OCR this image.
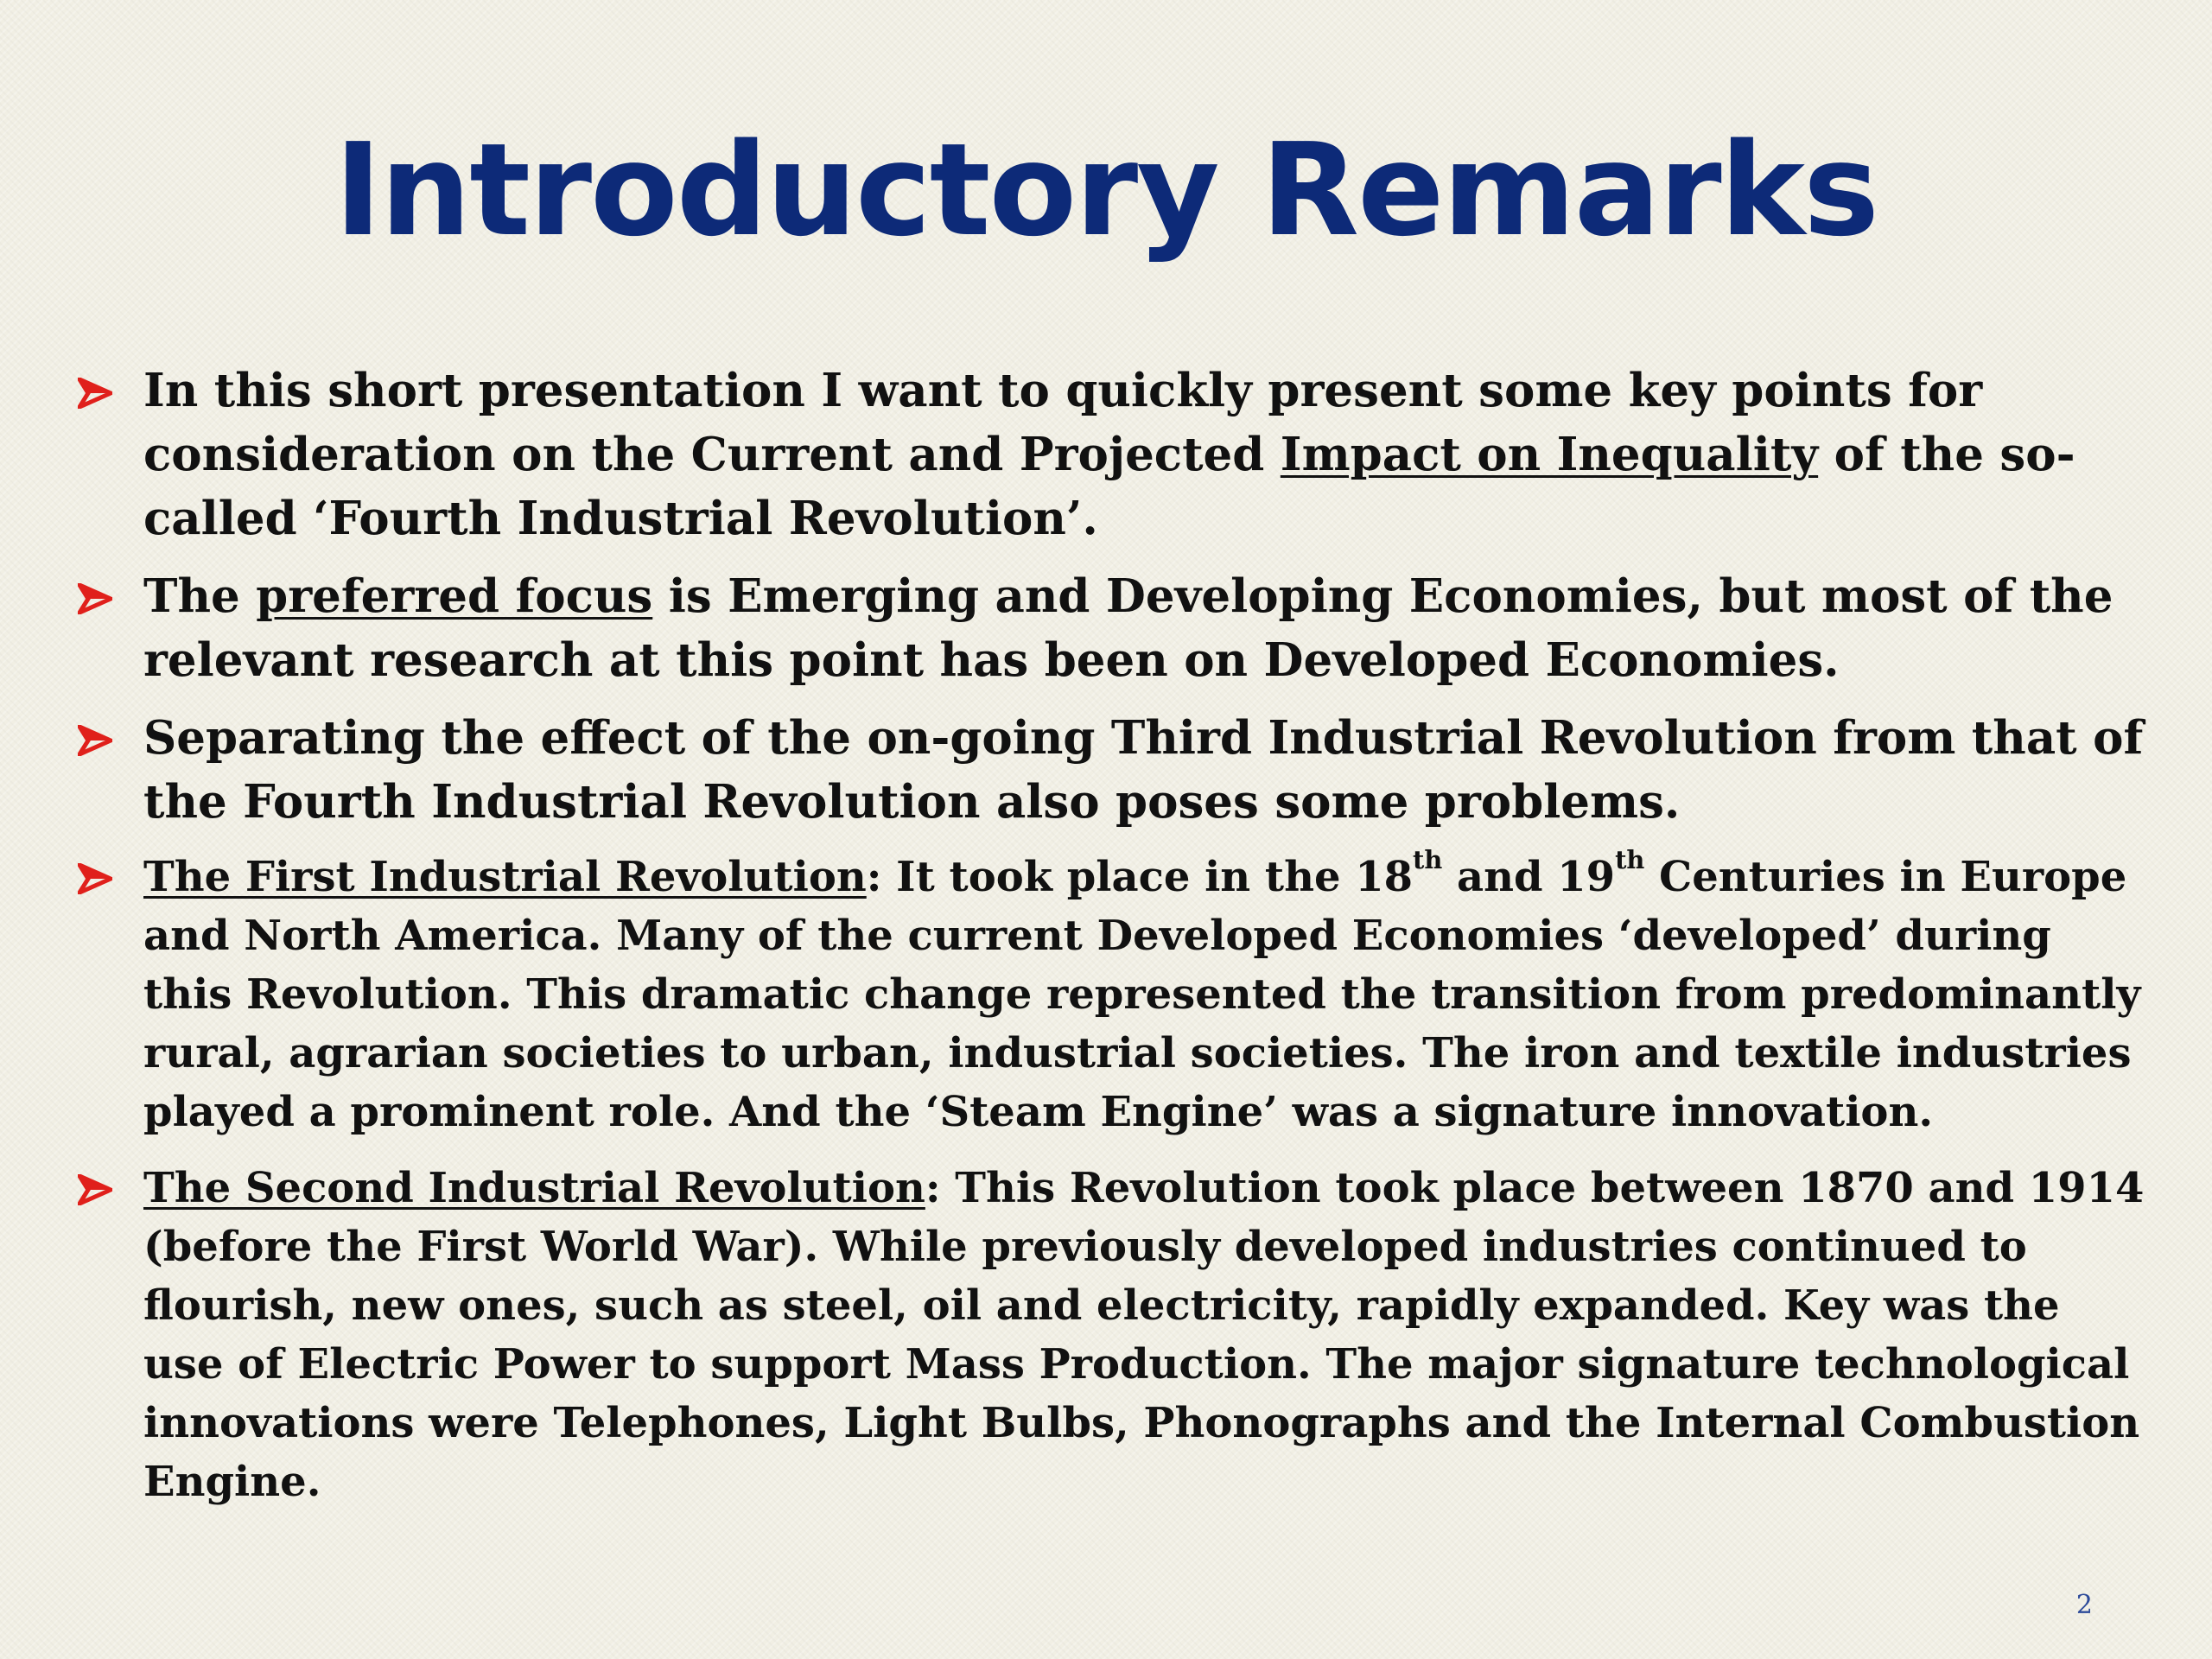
Introductory Remarks
In this short presentation I want to quickly present some key points for consideration on the Current and Projected Impact on Inequality of the so-called ‘Fourth Industrial Revolution’.
The preferred focus is Emerging and Developing Economies, but most of the relevant research at this point has been on Developed Economies.
Separating the effect of the on-going Third Industrial Revolution from that of the Fourth Industrial Revolution also poses some problems.
The First Industrial Revolution: It took place in the 18th and 19th Centuries in Europe and North America. Many of the current Developed Economies ‘developed’ during this Revolution. This dramatic change represented the transition from predominantly rural, agrarian societies to urban, industrial societies. The iron and textile industries played a prominent role. And the ‘Steam Engine’ was a signature innovation.
The Second Industrial Revolution: This Revolution took place between 1870 and 1914 (before the First World War). While previously developed industries continued to flourish, new ones, such as steel, oil and electricity, rapidly expanded. Key was the use of Electric Power to support Mass Production. The major signature technological innovations were Telephones, Light Bulbs, Phonographs and the Internal Combustion Engine.
2
